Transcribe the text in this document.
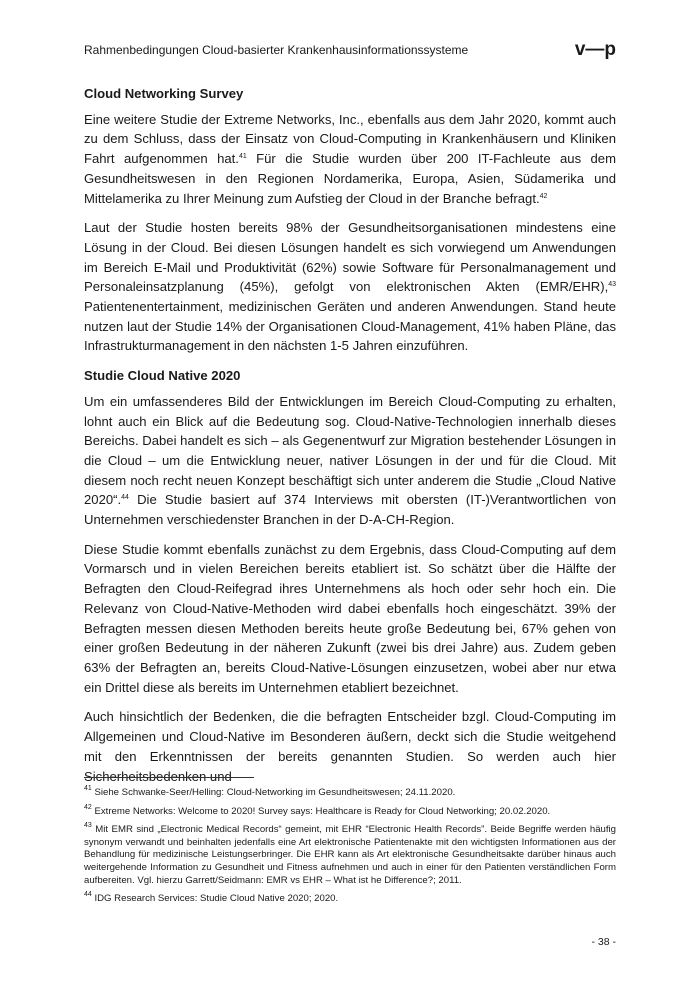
Rahmenbedingungen Cloud-basierter Krankenhausinformationssysteme	v—p
Cloud Networking Survey

Eine weitere Studie der Extreme Networks, Inc., ebenfalls aus dem Jahr 2020, kommt auch zu dem Schluss, dass der Einsatz von Cloud-Computing in Krankenhäusern und Kliniken Fahrt aufgenommen hat.$^{41}$ Für die Studie wurden über 200 IT-Fachleute aus dem Gesundheitswesen in den Regionen Nordamerika, Europa, Asien, Südamerika und Mittelamerika zu Ihrer Meinung zum Aufstieg der Cloud in der Branche befragt.$^{42}$

Laut der Studie hosten bereits 98% der Gesundheitsorganisationen mindestens eine Lösung in der Cloud. Bei diesen Lösungen handelt es sich vorwiegend um Anwendungen im Bereich E-Mail und Produktivität (62%) sowie Software für Personalmanagement und Personaleinsatzplanung (45%), gefolgt von elektronischen Akten (EMR/EHR),$^{43}$ Patientenentertainment, medizinischen Geräten und anderen Anwendungen. Stand heute nutzen laut der Studie 14% der Organisationen Cloud-Management, 41% haben Pläne, das Infrastrukturmanagement in den nächsten 1-5 Jahren einzuführen.

Studie Cloud Native 2020

Um ein umfassenderes Bild der Entwicklungen im Bereich Cloud-Computing zu erhalten, lohnt auch ein Blick auf die Bedeutung sog. Cloud-Native-Technologien innerhalb dieses Bereichs. Dabei handelt es sich – als Gegenentwurf zur Migration bestehender Lösungen in die Cloud – um die Entwicklung neuer, nativer Lösungen in der und für die Cloud. Mit diesem noch recht neuen Konzept beschäftigt sich unter anderem die Studie „Cloud Native 2020“.$^{44}$ Die Studie basiert auf 374 Interviews mit obersten (IT-)Verantwortlichen von Unternehmen verschiedenster Branchen in der D-A-CH-Region.

Diese Studie kommt ebenfalls zunächst zu dem Ergebnis, dass Cloud-Computing auf dem Vormarsch und in vielen Bereichen bereits etabliert ist. So schätzt über die Hälfte der Befragten den Cloud-Reifegrad ihres Unternehmens als hoch oder sehr hoch ein. Die Relevanz von Cloud-Native-Methoden wird dabei ebenfalls hoch eingeschätzt. 39% der Befragten messen diesen Methoden bereits heute große Bedeutung bei, 67% gehen von einer großen Bedeutung in der näheren Zukunft (zwei bis drei Jahre) aus. Zudem geben 63% der Befragten an, bereits Cloud-Native-Lösungen einzusetzen, wobei aber nur etwa ein Drittel diese als bereits im Unternehmen etabliert bezeichnet.

Auch hinsichtlich der Bedenken, die die befragten Entscheider bzgl. Cloud-Computing im Allgemeinen und Cloud-Native im Besonderen äußern, deckt sich die Studie weitgehend mit den Erkenntnissen der bereits genannten Studien. So werden auch hier Sicherheitsbedenken und

$^{41}$ Siehe Schwanke-Seer/Helling: Cloud-Networking im Gesundheitswesen; 24.11.2020.

$^{42}$ Extreme Networks: Welcome to 2020! Survey says: Healthcare is Ready for Cloud Networking; 20.02.2020.

$^{43}$ Mit EMR sind „Electronic Medical Records“ gemeint, mit EHR “Electronic Health Records”. Beide Begriffe werden häufig synonym verwandt und beinhalten jedenfalls eine Art elektronische Patientenakte mit den wichtigsten Informationen aus der Behandlung für medizinische Leistungserbringer. Die EHR kann als Art elektronische Gesundheitsakte darüber hinaus auch weitergehende Information zu Gesundheit und Fitness aufnehmen und auch in einer für den Patienten verständlichen Form aufbereiten. Vgl. hierzu Garrett/Seidmann: EMR vs EHR – What ist he Difference?; 2011.

$^{44}$ IDG Research Services: Studie Cloud Native 2020; 2020.

- 38 -
